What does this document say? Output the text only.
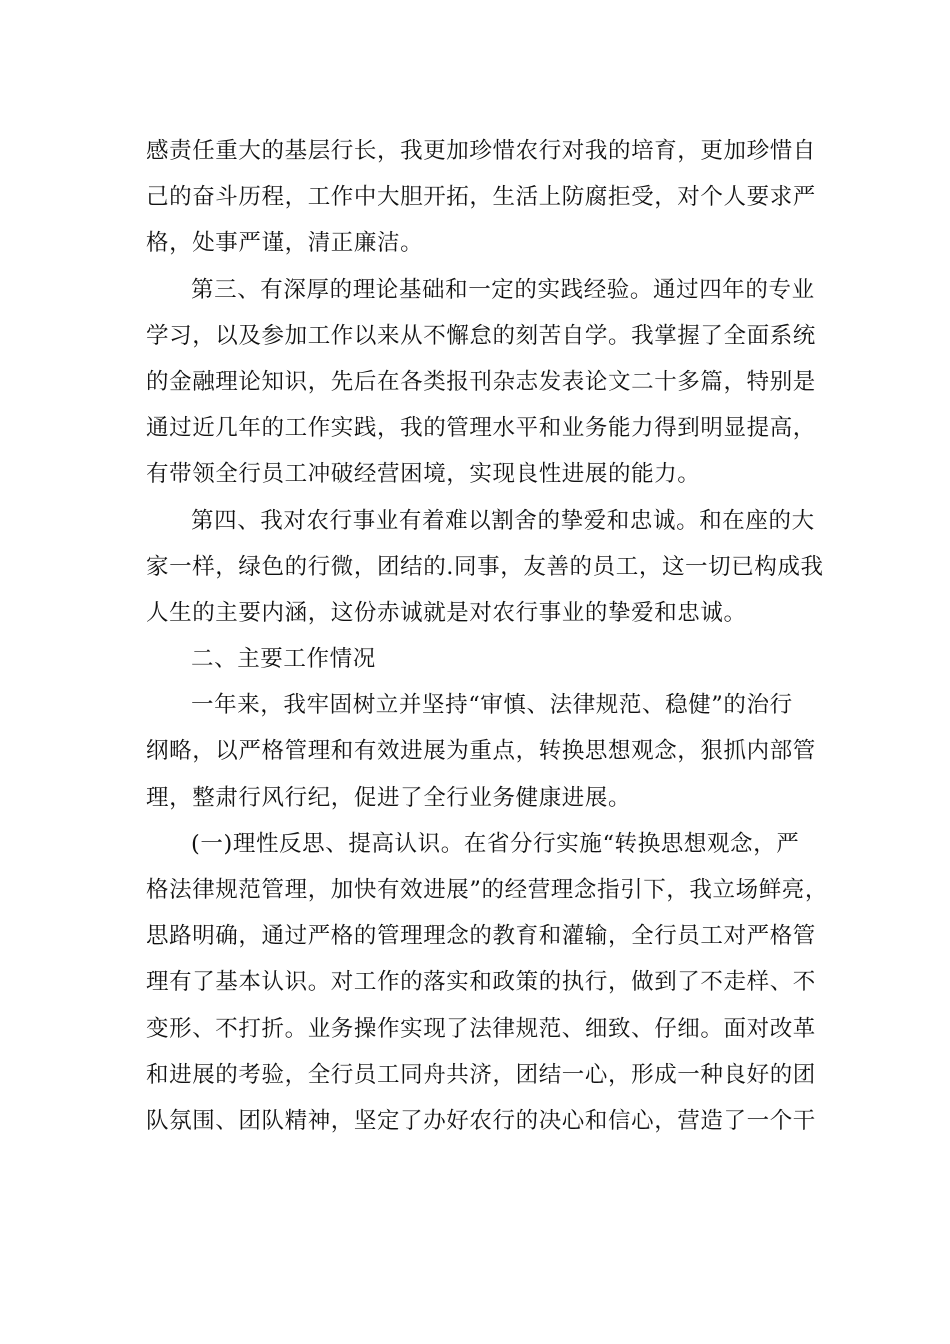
感责任重大的基层行长，我更加珍惜农行对我的培育，更加珍惜自
己的奋斗历程，工作中大胆开拓，生活上防腐拒受，对个人要求严
格，处事严谨，清正廉洁。
第三、有深厚的理论基础和一定的实践经验。通过四年的专业
学习，以及参加工作以来从不懈怠的刻苦自学。我掌握了全面系统
的金融理论知识，先后在各类报刊杂志发表论文二十多篇，特别是
通过近几年的工作实践，我的管理水平和业务能力得到明显提高，
有带领全行员工冲破经营困境，实现良性进展的能力。
第四、我对农行事业有着难以割舍的挚爱和忠诚。和在座的大
家一样，绿色的行微，团结的.同事，友善的员工，这一切已构成我
人生的主要内涵，这份赤诚就是对农行事业的挚爱和忠诚。
二、主要工作情况
一年来，我牢固树立并坚持“审慎、法律规范、稳健”的治行
纲略，以严格管理和有效进展为重点，转换思想观念，狠抓内部管
理，整肃行风行纪，促进了全行业务健康进展。
(一)理性反思、提高认识。在省分行实施“转换思想观念，严
格法律规范管理，加快有效进展”的经营理念指引下，我立场鲜亮，
思路明确，通过严格的管理理念的教育和灌输，全行员工对严格管
理有了基本认识。对工作的落实和政策的执行，做到了不走样、不
变形、不打折。业务操作实现了法律规范、细致、仔细。面对改革
和进展的考验，全行员工同舟共济，团结一心，形成一种良好的团
队氛围、团队精神，坚定了办好农行的决心和信心，营造了一个干
